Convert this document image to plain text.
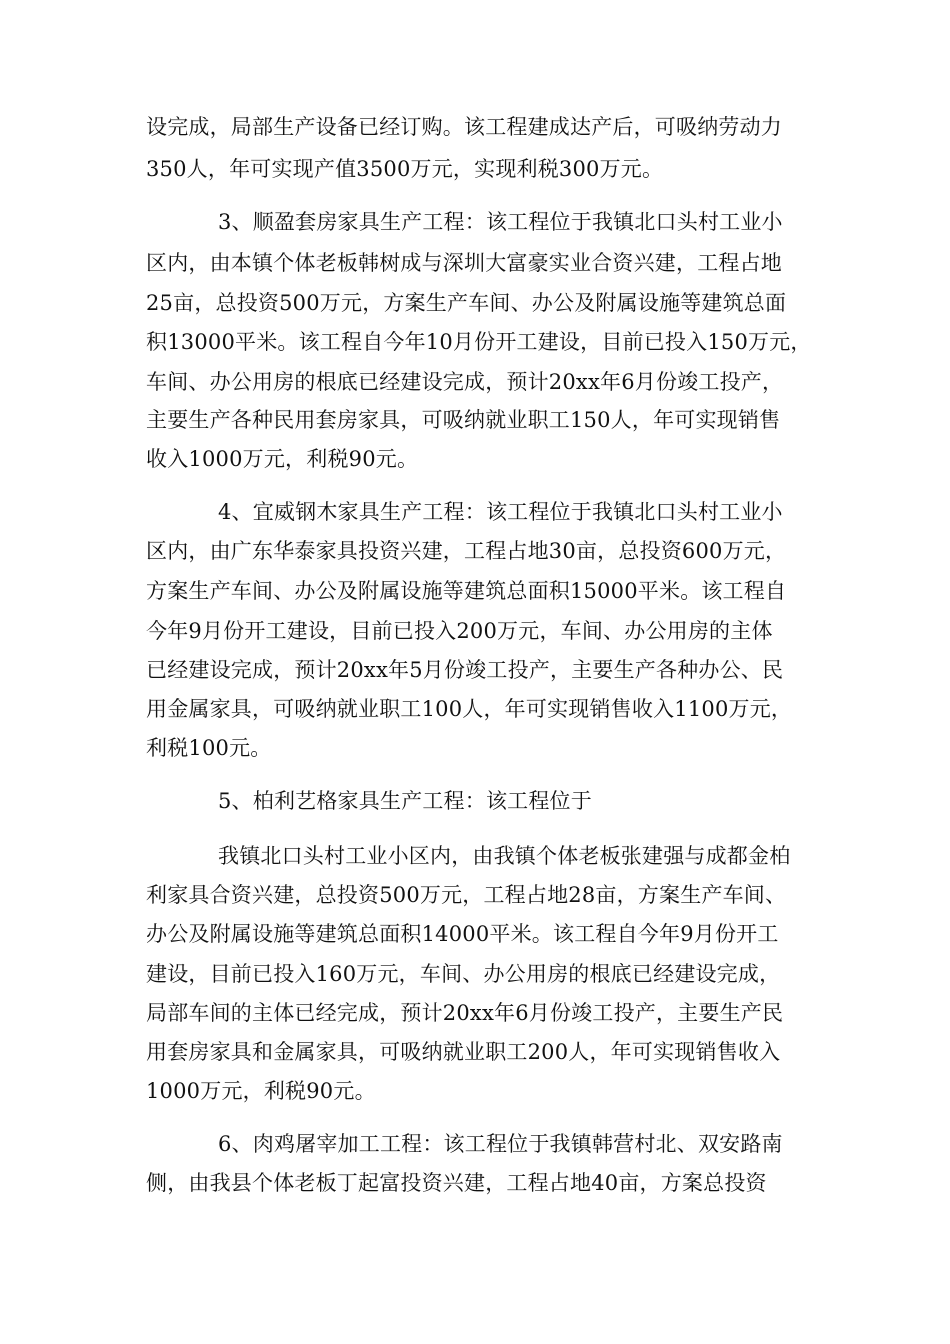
设完成，局部生产设备已经订购。该工程建成达产后，可吸纳劳动力
350人，年可实现产值3500万元，实现利税300万元。
3、顺盈套房家具生产工程：该工程位于我镇北口头村工业小
区内，由本镇个体老板韩树成与深圳大富豪实业合资兴建，工程占地
25亩，总投资500万元，方案生产车间、办公及附属设施等建筑总面
积13000平米。该工程自今年10月份开工建设，目前已投入150万元，
车间、办公用房的根底已经建设完成，预计20xx年6月份竣工投产，
主要生产各种民用套房家具，可吸纳就业职工150人，年可实现销售
收入1000万元，利税90元。
4、宜威钢木家具生产工程：该工程位于我镇北口头村工业小
区内，由广东华泰家具投资兴建，工程占地30亩，总投资600万元，
方案生产车间、办公及附属设施等建筑总面积15000平米。该工程自
今年9月份开工建设，目前已投入200万元，车间、办公用房的主体
已经建设完成，预计20xx年5月份竣工投产，主要生产各种办公、民
用金属家具，可吸纳就业职工100人，年可实现销售收入1100万元，
利税100元。
5、柏利艺格家具生产工程：该工程位于
我镇北口头村工业小区内，由我镇个体老板张建强与成都金柏
利家具合资兴建，总投资500万元，工程占地28亩，方案生产车间、
办公及附属设施等建筑总面积14000平米。该工程自今年9月份开工
建设，目前已投入160万元，车间、办公用房的根底已经建设完成，
局部车间的主体已经完成，预计20xx年6月份竣工投产，主要生产民
用套房家具和金属家具，可吸纳就业职工200人，年可实现销售收入
1000万元，利税90元。
6、肉鸡屠宰加工工程：该工程位于我镇韩营村北、双安路南
侧，由我县个体老板丁起富投资兴建，工程占地40亩，方案总投资
